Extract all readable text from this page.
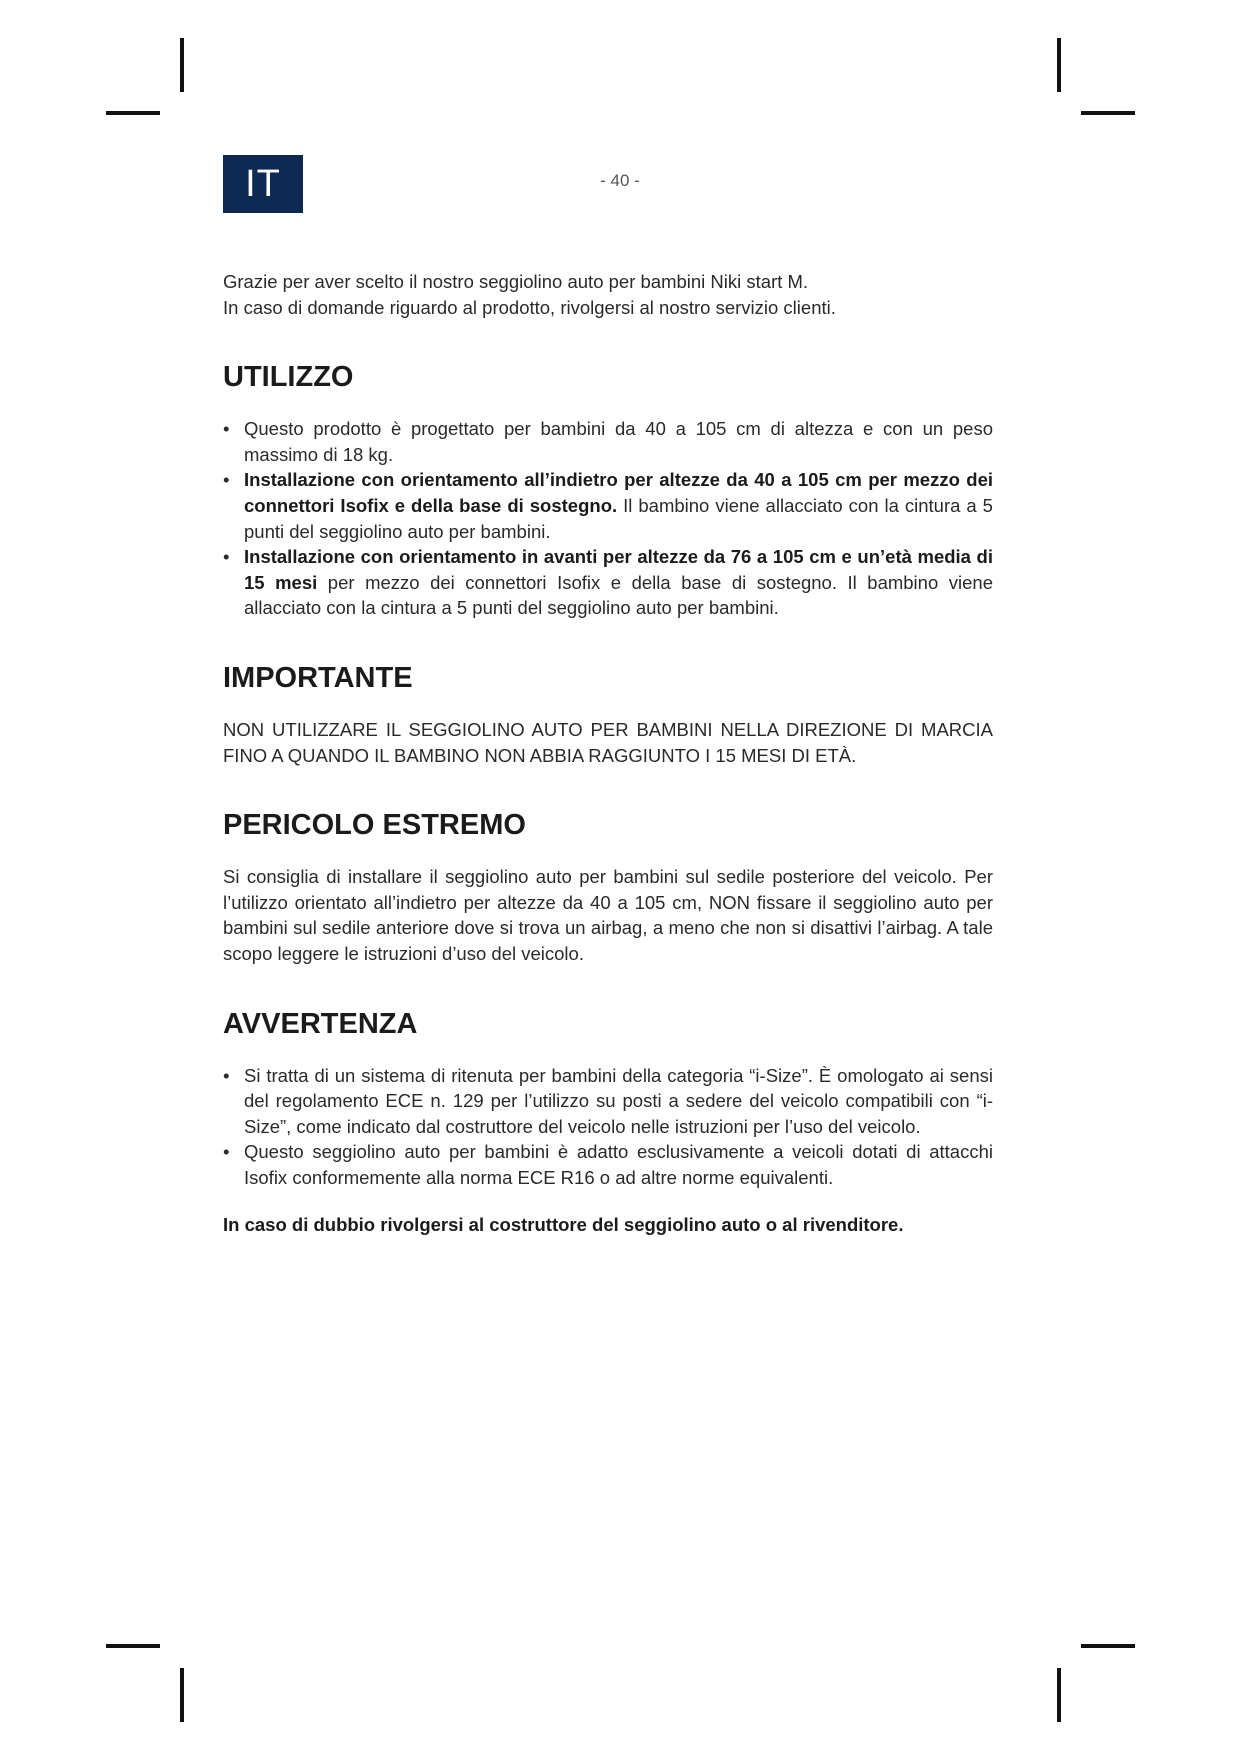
IT	- 40 -

Grazie per aver scelto il nostro seggiolino auto per bambini Niki start M.

In caso di domande riguardo al prodotto, rivolgersi al nostro servizio clienti.

UTILIZZO
• Questo prodotto è progettato per bambini da 40 a 105 cm di altezza e con un peso massimo di 18 kg.
• Installazione con orientamento all’indietro per altezze da 40 a 105 cm per mezzo dei connettori Isofix e della base di sostegno. Il bambino viene allacciato con la cintura a 5 punti del seggiolino auto per bambini.
• Installazione con orientamento in avanti per altezze da 76 a 105 cm e un’età media di 15 mesi per mezzo dei connettori Isofix e della base di sostegno. Il bambino viene allacciato con la cintura a 5 punti del seggiolino auto per bambini.
IMPORTANTE

NON UTILIZZARE IL SEGGIOLINO AUTO PER BAMBINI NELLA DIREZIONE DI MARCIA FINO A QUANDO IL BAMBINO NON ABBIA RAGGIUNTO I 15 MESI DI ETÀ.

PERICOLO ESTREMO

Si consiglia di installare il seggiolino auto per bambini sul sedile posteriore del veicolo. Per l’utilizzo orientato all’indietro per altezze da 40 a 105 cm, NON fissare il seggiolino auto per bambini sul sedile anteriore dove si trova un airbag, a meno che non si disattivi l’airbag. A tale scopo leggere le istruzioni d’uso del veicolo.

AVVERTENZA
• Si tratta di un sistema di ritenuta per bambini della categoria “i-Size”. È omologato ai sensi del regolamento ECE n. 129 per l’utilizzo su posti a sedere del veicolo compatibili con “i-Size”, come indicato dal costruttore del veicolo nelle istruzioni per l’uso del veicolo.
• Questo seggiolino auto per bambini è adatto esclusivamente a veicoli dotati di attacchi Isofix conformemente alla norma ECE R16 o ad altre norme equivalenti.

In caso di dubbio rivolgersi al costruttore del seggiolino auto o al rivenditore.
